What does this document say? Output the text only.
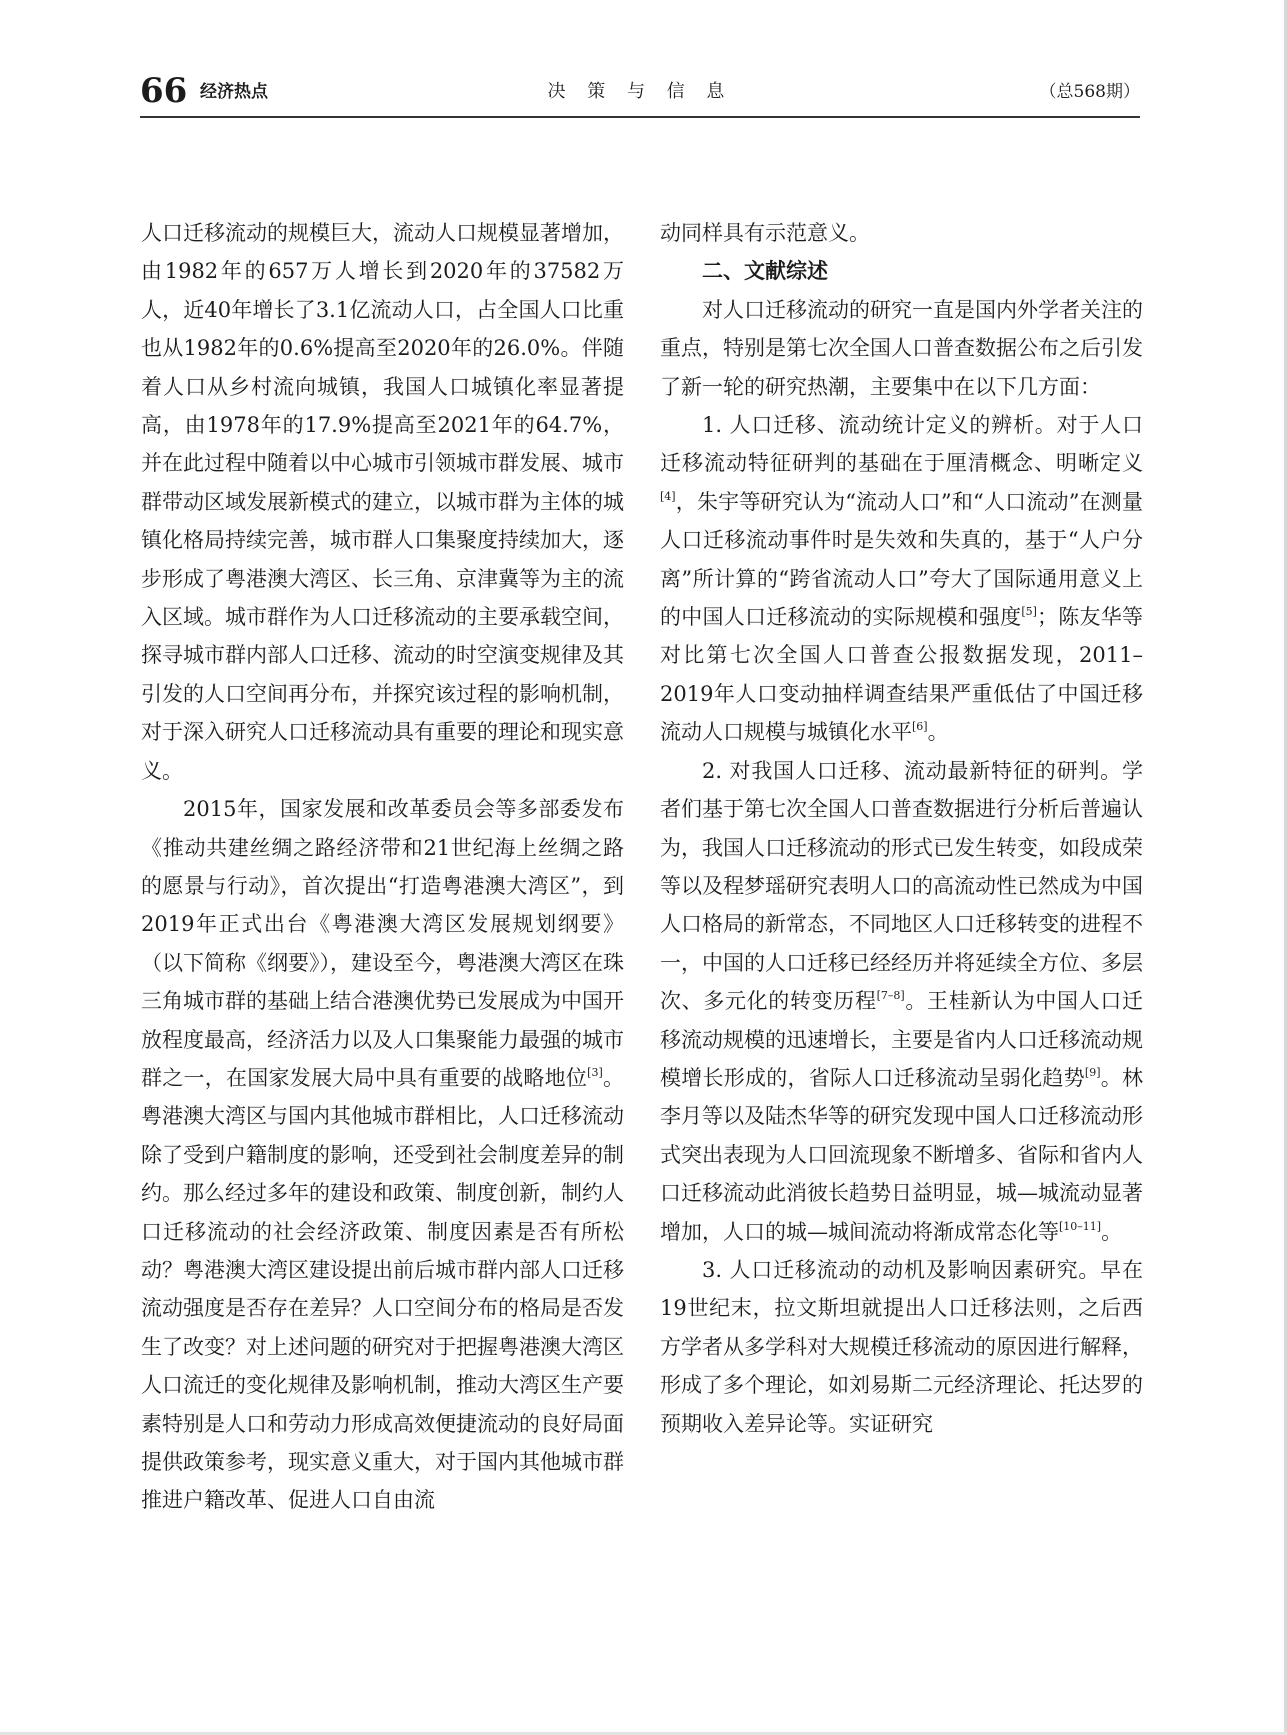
66 经济热点	决 策 与 信 息	（总568期）

人口迁移流动的规模巨大，流动人口规模显著增加，由1982年的657万人增长到2020年的37582万人，近40年增长了3.1亿流动人口，占全国人口比重也从1982年的0.6%提高至2020年的26.0%。伴随着人口从乡村流向城镇，我国人口城镇化率显著提高，由1978年的17.9%提高至2021年的64.7%，并在此过程中随着以中心城市引领城市群发展、城市群带动区域发展新模式的建立，以城市群为主体的城镇化格局持续完善，城市群人口集聚度持续加大，逐步形成了粤港澳大湾区、长三角、京津冀等为主的流入区域。城市群作为人口迁移流动的主要承载空间，探寻城市群内部人口迁移、流动的时空演变规律及其引发的人口空间再分布，并探究该过程的影响机制，对于深入研究人口迁移流动具有重要的理论和现实意义。

2015年，国家发展和改革委员会等多部委发布《推动共建丝绸之路经济带和21世纪海上丝绸之路的愿景与行动》，首次提出“打造粤港澳大湾区”，到2019年正式出台《粤港澳大湾区发展规划纲要》（以下简称《纲要》），建设至今，粤港澳大湾区在珠三角城市群的基础上结合港澳优势已发展成为中国开放程度最高，经济活力以及人口集聚能力最强的城市群之一，在国家发展大局中具有重要的战略地位[3]。粤港澳大湾区与国内其他城市群相比，人口迁移流动除了受到户籍制度的影响，还受到社会制度差异的制约。那么经过多年的建设和政策、制度创新，制约人口迁移流动的社会经济政策、制度因素是否有所松动？粤港澳大湾区建设提出前后城市群内部人口迁移流动强度是否存在差异？人口空间分布的格局是否发生了改变？对上述问题的研究对于把握粤港澳大湾区人口流迁的变化规律及影响机制，推动大湾区生产要素特别是人口和劳动力形成高效便捷流动的良好局面提供政策参考，现实意义重大，对于国内其他城市群推进户籍改革、促进人口自由流

动同样具有示范意义。

二、文献综述

对人口迁移流动的研究一直是国内外学者关注的重点，特别是第七次全国人口普查数据公布之后引发了新一轮的研究热潮，主要集中在以下几方面：

1. 人口迁移、流动统计定义的辨析。对于人口迁移流动特征研判的基础在于厘清概念、明晰定义[4]，朱宇等研究认为“流动人口”和“人口流动”在测量人口迁移流动事件时是失效和失真的，基于“人户分离”所计算的“跨省流动人口”夸大了国际通用意义上的中国人口迁移流动的实际规模和强度[5]；陈友华等对比第七次全国人口普查公报数据发现，2011–2019年人口变动抽样调查结果严重低估了中国迁移流动人口规模与城镇化水平[6]。

2. 对我国人口迁移、流动最新特征的研判。学者们基于第七次全国人口普查数据进行分析后普遍认为，我国人口迁移流动的形式已发生转变，如段成荣等以及程梦瑶研究表明人口的高流动性已然成为中国人口格局的新常态，不同地区人口迁移转变的进程不一，中国的人口迁移已经经历并将延续全方位、多层次、多元化的转变历程[7–8]。王桂新认为中国人口迁移流动规模的迅速增长，主要是省内人口迁移流动规模增长形成的，省际人口迁移流动呈弱化趋势[9]。林李月等以及陆杰华等的研究发现中国人口迁移流动形式突出表现为人口回流现象不断增多、省际和省内人口迁移流动此消彼长趋势日益明显，城—城流动显著增加，人口的城—城间流动将渐成常态化等[10–11]。

3. 人口迁移流动的动机及影响因素研究。早在19世纪末，拉文斯坦就提出人口迁移法则，之后西方学者从多学科对大规模迁移流动的原因进行解释，形成了多个理论，如刘易斯二元经济理论、托达罗的预期收入差异论等。实证研究
